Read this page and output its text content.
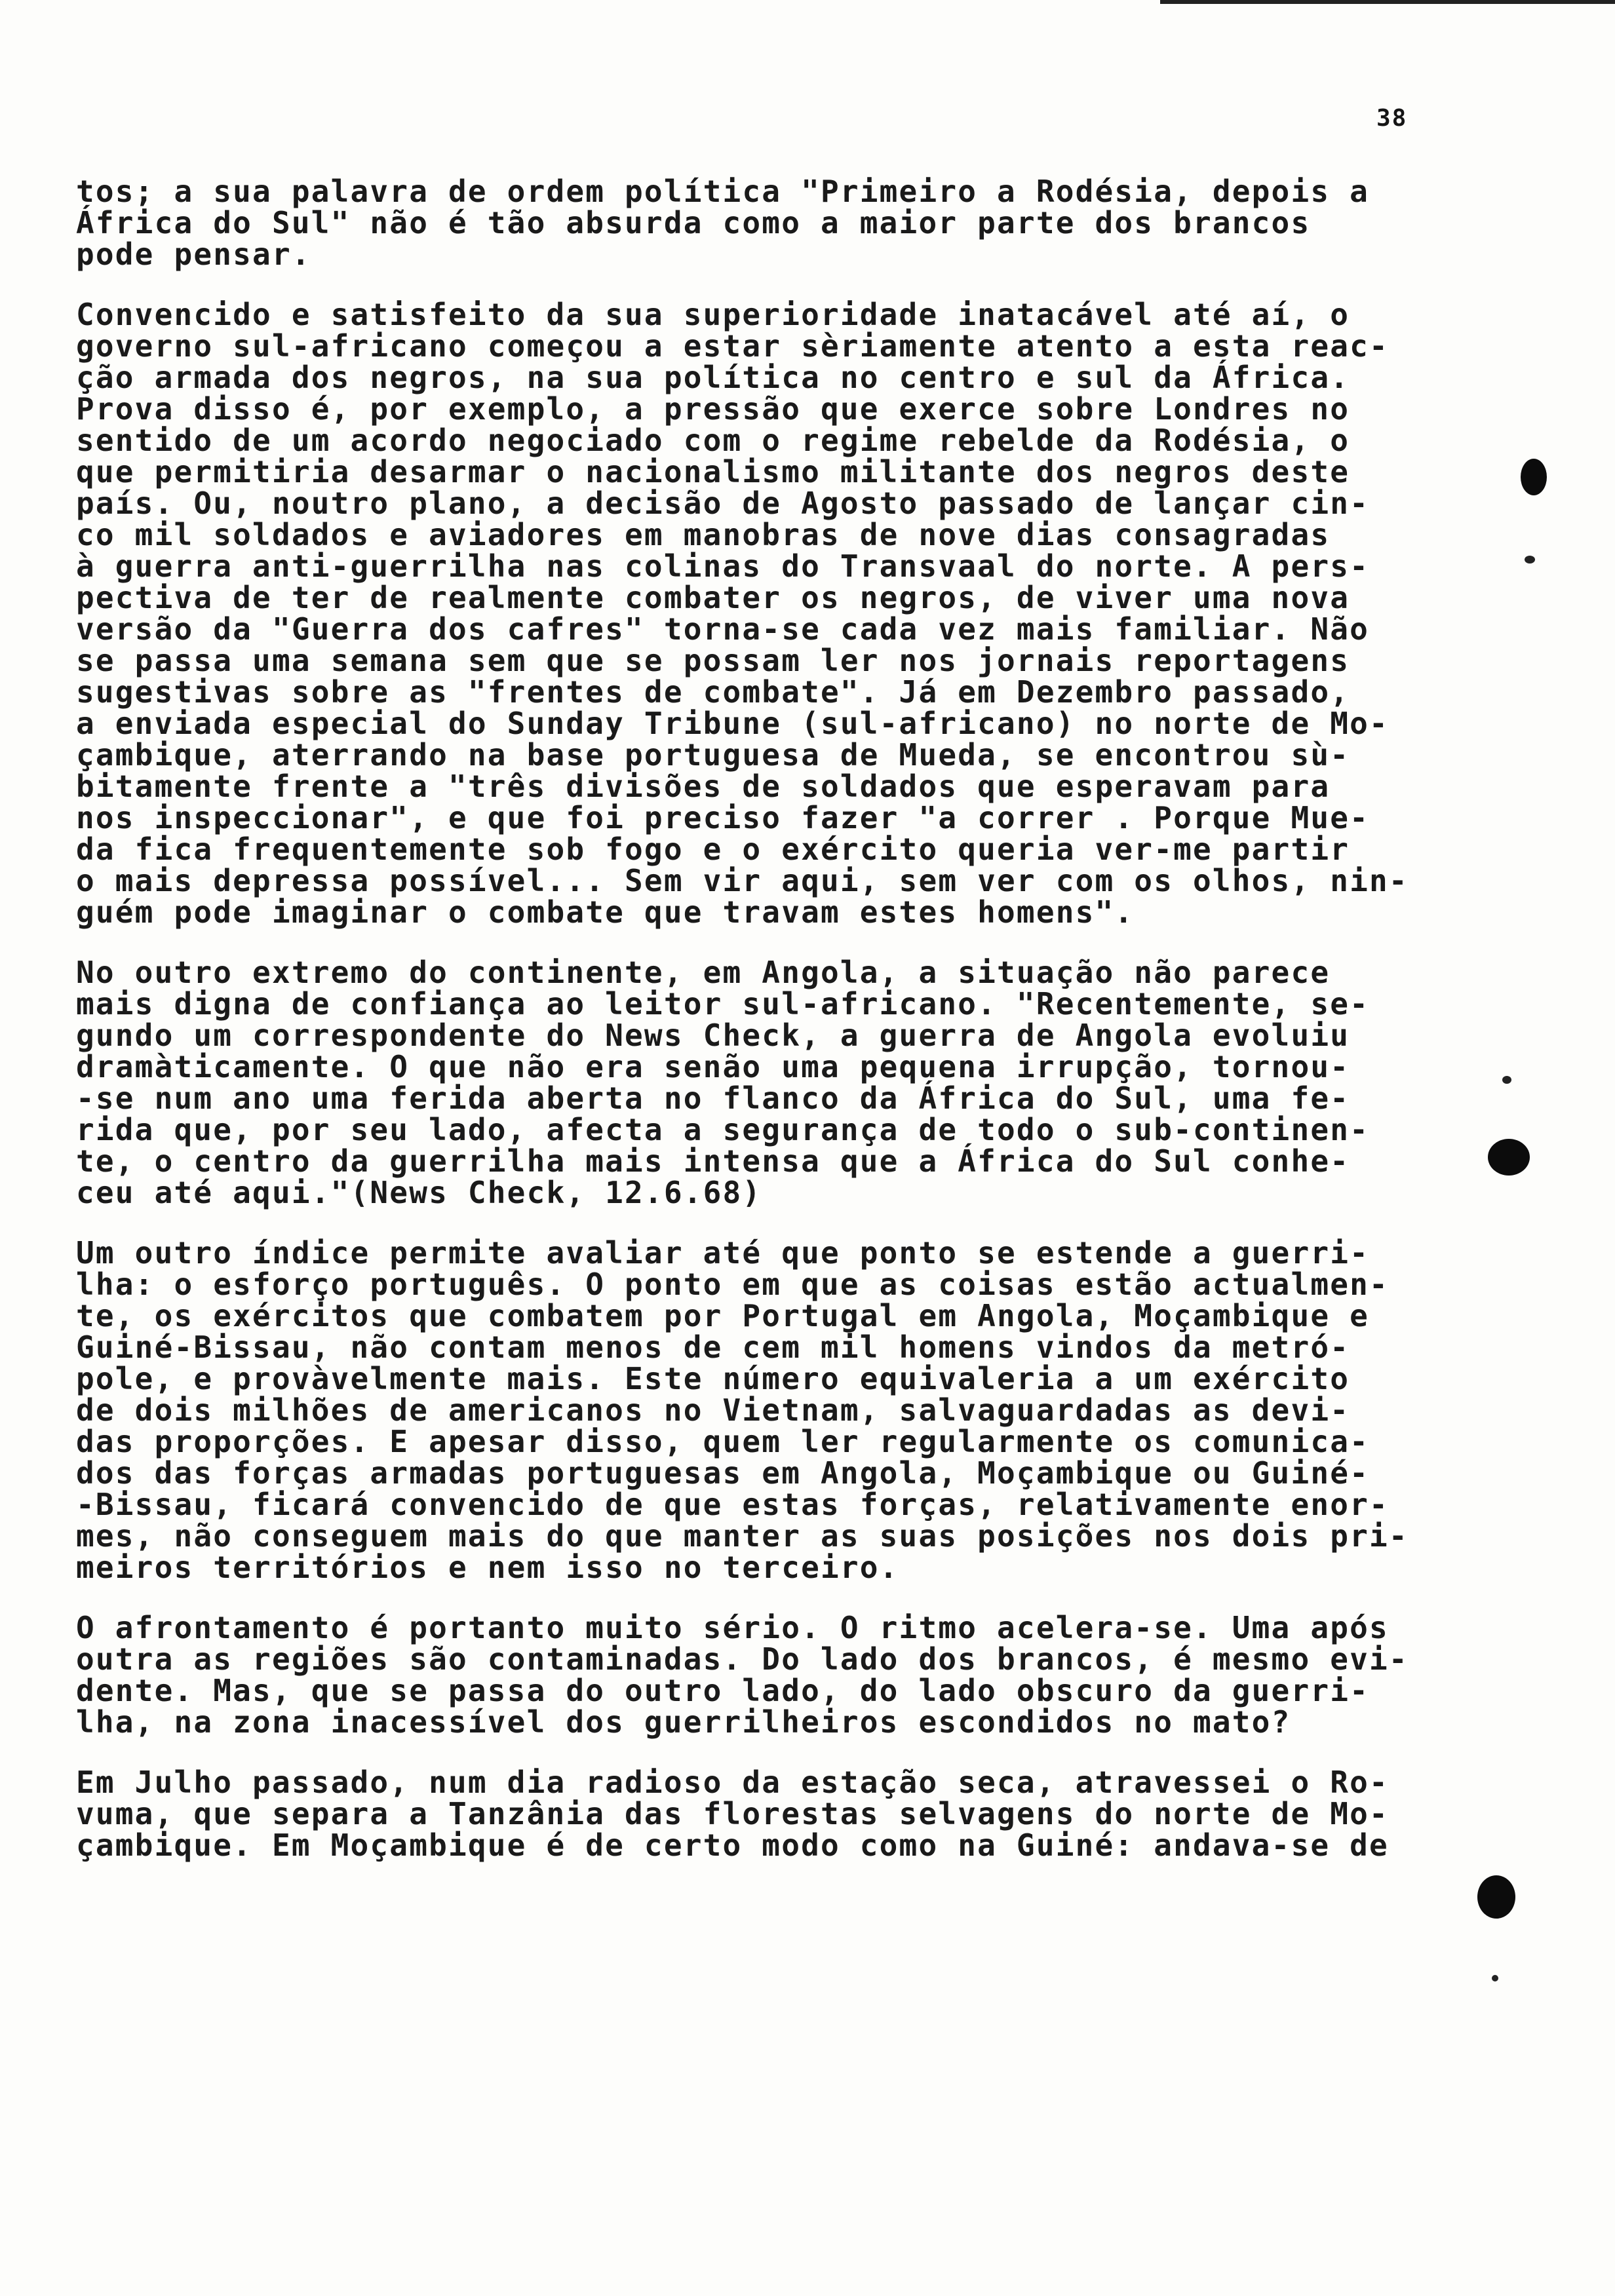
38
tos; a sua palavra de ordem política "Primeiro a Rodésia, depois a
África do Sul" não é tão absurda como a maior parte dos brancos
pode pensar.
Convencido e satisfeito da sua superioridade inatacável até aí, o
governo sul-africano começou a estar sèriamente atento a esta reac-
ção armada dos negros, na sua política no centro e sul da África.
Prova disso é, por exemplo, a pressão que exerce sobre Londres no
sentido de um acordo negociado com o regime rebelde da Rodésia, o
que permitiria desarmar o nacionalismo militante dos negros deste
país. Ou, noutro plano, a decisão de Agosto passado de lançar cin-
co mil soldados e aviadores em manobras de nove dias consagradas
à guerra anti-guerrilha nas colinas do Transvaal do norte. A pers-
pectiva de ter de realmente combater os negros, de viver uma nova
versão da "Guerra dos cafres" torna-se cada vez mais familiar. Não
se passa uma semana sem que se possam ler nos jornais reportagens
sugestivas sobre as "frentes de combate". Já em Dezembro passado,
a enviada especial do Sunday Tribune (sul-africano) no norte de Mo-
çambique, aterrando na base portuguesa de Mueda, se encontrou sù-
bitamente frente a "três divisões de soldados que esperavam para
nos inspeccionar", e que foi preciso fazer "a correr . Porque Mue-
da fica frequentemente sob fogo e o exército queria ver-me partir
o mais depressa possível... Sem vir aqui, sem ver com os olhos, nin-
guém pode imaginar o combate que travam estes homens".
No outro extremo do continente, em Angola, a situação não parece
mais digna de confiança ao leitor sul-africano. "Recentemente, se-
gundo um correspondente do News Check, a guerra de Angola evoluiu
dramàticamente. O que não era senão uma pequena irrupção, tornou-
-se num ano uma ferida aberta no flanco da África do Sul, uma fe-
rida que, por seu lado, afecta a segurança de todo o sub-continen-
te, o centro da guerrilha mais intensa que a África do Sul conhe-
ceu até aqui."(News Check, 12.6.68)
Um outro índice permite avaliar até que ponto se estende a guerri-
lha: o esforço português. O ponto em que as coisas estão actualmen-
te, os exércitos que combatem por Portugal em Angola, Moçambique e
Guiné-Bissau, não contam menos de cem mil homens vindos da metró-
pole, e provàvelmente mais. Este número equivaleria a um exército
de dois milhões de americanos no Vietnam, salvaguardadas as devi-
das proporções. E apesar disso, quem ler regularmente os comunica-
dos das forças armadas portuguesas em Angola, Moçambique ou Guiné-
-Bissau, ficará convencido de que estas forças, relativamente enor-
mes, não conseguem mais do que manter as suas posições nos dois pri-
meiros territórios e nem isso no terceiro.
O afrontamento é portanto muito sério. O ritmo acelera-se. Uma após
outra as regiões são contaminadas. Do lado dos brancos, é mesmo evi-
dente. Mas, que se passa do outro lado, do lado obscuro da guerri-
lha, na zona inacessível dos guerrilheiros escondidos no mato?
Em Julho passado, num dia radioso da estação seca, atravessei o Ro-
vuma, que separa a Tanzânia das florestas selvagens do norte de Mo-
çambique. Em Moçambique é de certo modo como na Guiné: andava-se de
